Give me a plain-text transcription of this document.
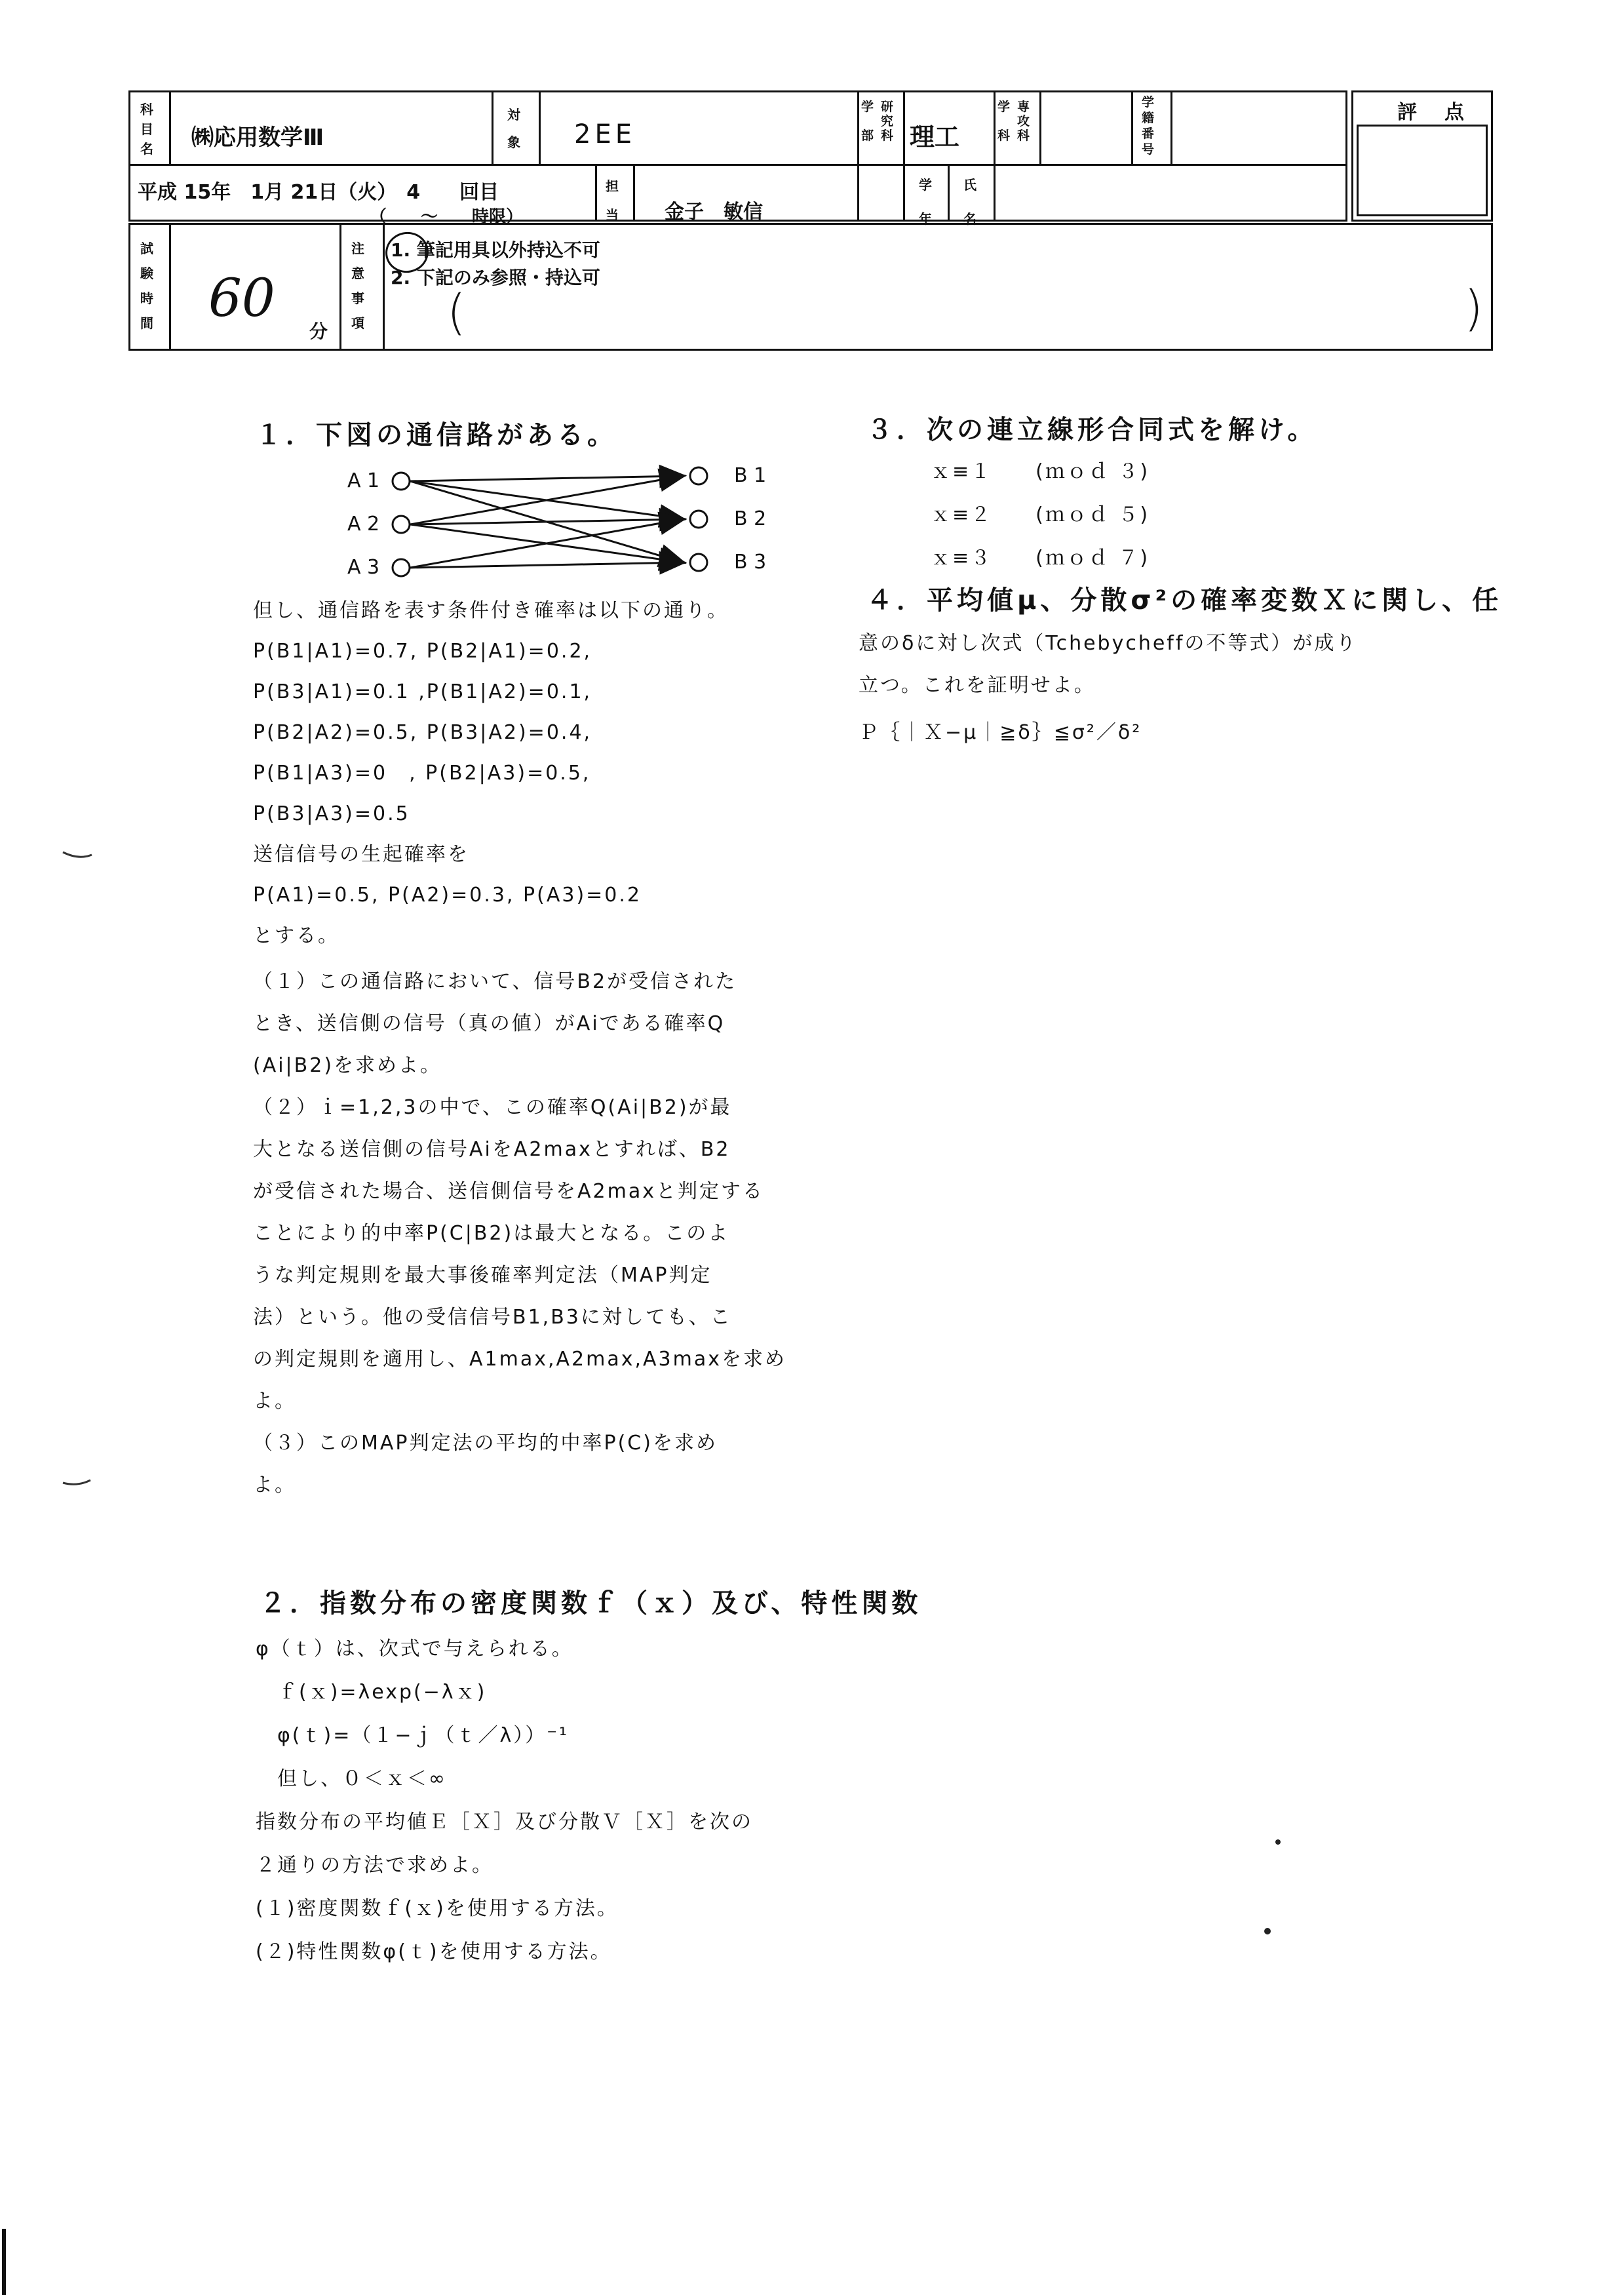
科
目
名 ㈱応用数学Ⅲ
対
象 2EE
学 研
究
部 科 理工
学 専
攻
科 科
学
籍
番
号
評　点
平成 15年　1月 21日（火）　4　　回目
（　　～　　時限）
担
当 金子　敏信
学
年
氏
名
試
験
時
間 60
分
注
意
事
項
1. 筆記用具以外持込不可
2. 下記のみ参照・持込可
(	)
１．下図の通信路がある。
A 1
A 2
A 3
B 1
B 2
B 3
但し、通信路を表す条件付き確率は以下の通り。
P(B1|A1)=0.7, P(B2|A1)=0.2,
P(B3|A1)=0.1 ,P(B1|A2)=0.1,
P(B2|A2)=0.5, P(B3|A2)=0.4,
P(B1|A3)=0　, P(B2|A3)=0.5,
P(B3|A3)=0.5
送信信号の生起確率を
P(A1)=0.5, P(A2)=0.3, P(A3)=0.2
とする。
（１）この通信路において、信号B2が受信された
とき、送信側の信号（真の値）がAiである確率Q
(Ai|B2)を求めよ。
（２）ｉ=1,2,3の中で、この確率Q(Ai|B2)が最
大となる送信側の信号AiをA2maxとすれば、B2
が受信された場合、送信側信号をA2maxと判定する
ことにより的中率P(C|B2)は最大となる。このよ
うな判定規則を最大事後確率判定法（MAP判定
法）という。他の受信信号B1,B3に対しても、こ
の判定規則を適用し、A1max,A2max,A3maxを求め
よ。
（３）このMAP判定法の平均的中率P(C)を求め
よ。
２．指数分布の密度関数ｆ（ｘ）及び、特性関数
φ（ｔ）は、次式で与えられる。
　ｆ(ｘ)=λexp(−λｘ)
　φ(ｔ)=（１−ｊ（ｔ／λ））⁻¹
　但し、０＜ｘ＜∞
指数分布の平均値Ｅ［Ｘ］及び分散Ｖ［Ｘ］を次の
２通りの方法で求めよ。
(１)密度関数ｆ(ｘ)を使用する方法。
(２)特性関数φ(ｔ)を使用する方法。
３．次の連立線形合同式を解け。
ｘ≡１　　(ｍｏｄ ３)
ｘ≡２　　(ｍｏｄ ５)
ｘ≡３　　(ｍｏｄ ７)
４．平均値μ、分散σ²の確率変数Ｘに関し、任
意のδに対し次式（Tchebycheffの不等式）が成り
立つ。これを証明せよ。
Ｐ｛｜Ｘ−μ｜≧δ｝≦σ²／δ²
